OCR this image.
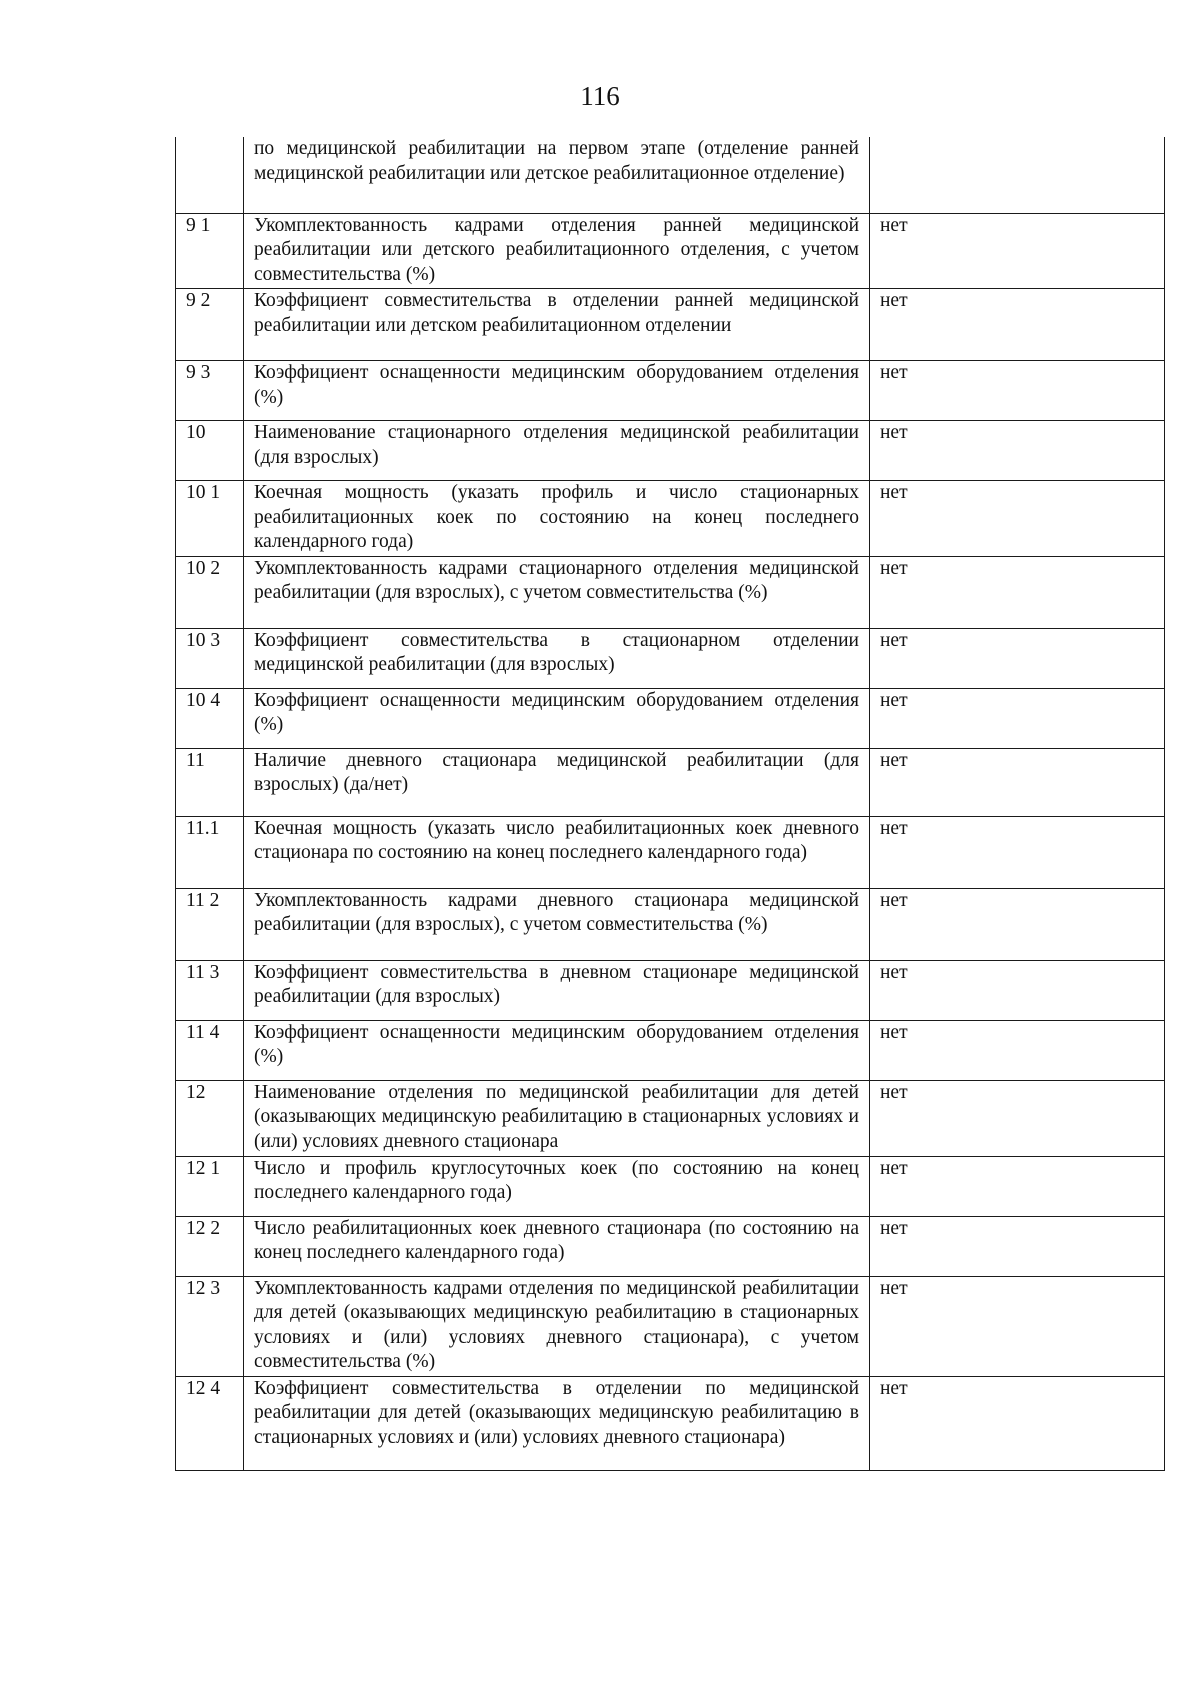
116
	по медицинской реабилитации на первом этапе (отделение ранней медицинской реабилитации или детское реабилитационное отделение)	
9 1	Укомплектованность кадрами отделения ранней медицинской реабилитации или детского реабилитационного отделения, с учетом совместительства (%)	нет
9 2	Коэффициент совместительства в отделении ранней медицинской реабилитации или детском реабилитационном отделении	нет
9 3	Коэффициент оснащенности медицинским оборудованием отделения (%)	нет
10	Наименование стационарного отделения медицинской реабилитации (для взрослых)	нет
10 1	Коечная мощность (указать профиль и число стационарных реабилитационных коек по состоянию на конец последнего календарного года)	нет
10 2	Укомплектованность кадрами стационарного отделения медицинской реабилитации (для взрослых), с учетом совместительства (%)	нет
10 3	Коэффициент совместительства в стационарном отделении медицинской реабилитации (для взрослых)	нет
10 4	Коэффициент оснащенности медицинским оборудованием отделения (%)	нет
11	Наличие дневного стационара медицинской реабилитации (для взрослых) (да/нет)	нет
11.1	Коечная мощность (указать число реабилитационных коек дневного стационара по состоянию на конец последнего календарного года)	нет
11 2	Укомплектованность кадрами дневного стационара медицинской реабилитации (для взрослых), с учетом совместительства (%)	нет
11 3	Коэффициент совместительства в дневном стационаре медицинской реабилитации (для взрослых)	нет
11 4	Коэффициент оснащенности медицинским оборудованием отделения (%)	нет
12	Наименование отделения по медицинской реабилитации для детей (оказывающих медицинскую реабилитацию в стационарных условиях и (или) условиях дневного стационара	нет
12 1	Число и профиль круглосуточных коек (по состоянию на конец последнего календарного года)	нет
12 2	Число реабилитационных коек дневного стационара (по состоянию на конец последнего календарного года)	нет
12 3	Укомплектованность кадрами отделения по медицинской реабилитации для детей (оказывающих медицинскую реабилитацию в стационарных условиях и (или) условиях дневного стационара), с учетом совместительства (%)	нет
12 4	Коэффициент совместительства в отделении по медицинской реабилитации для детей (оказывающих медицинскую реабилитацию в стационарных условиях и (или) условиях дневного стационара)	нет
